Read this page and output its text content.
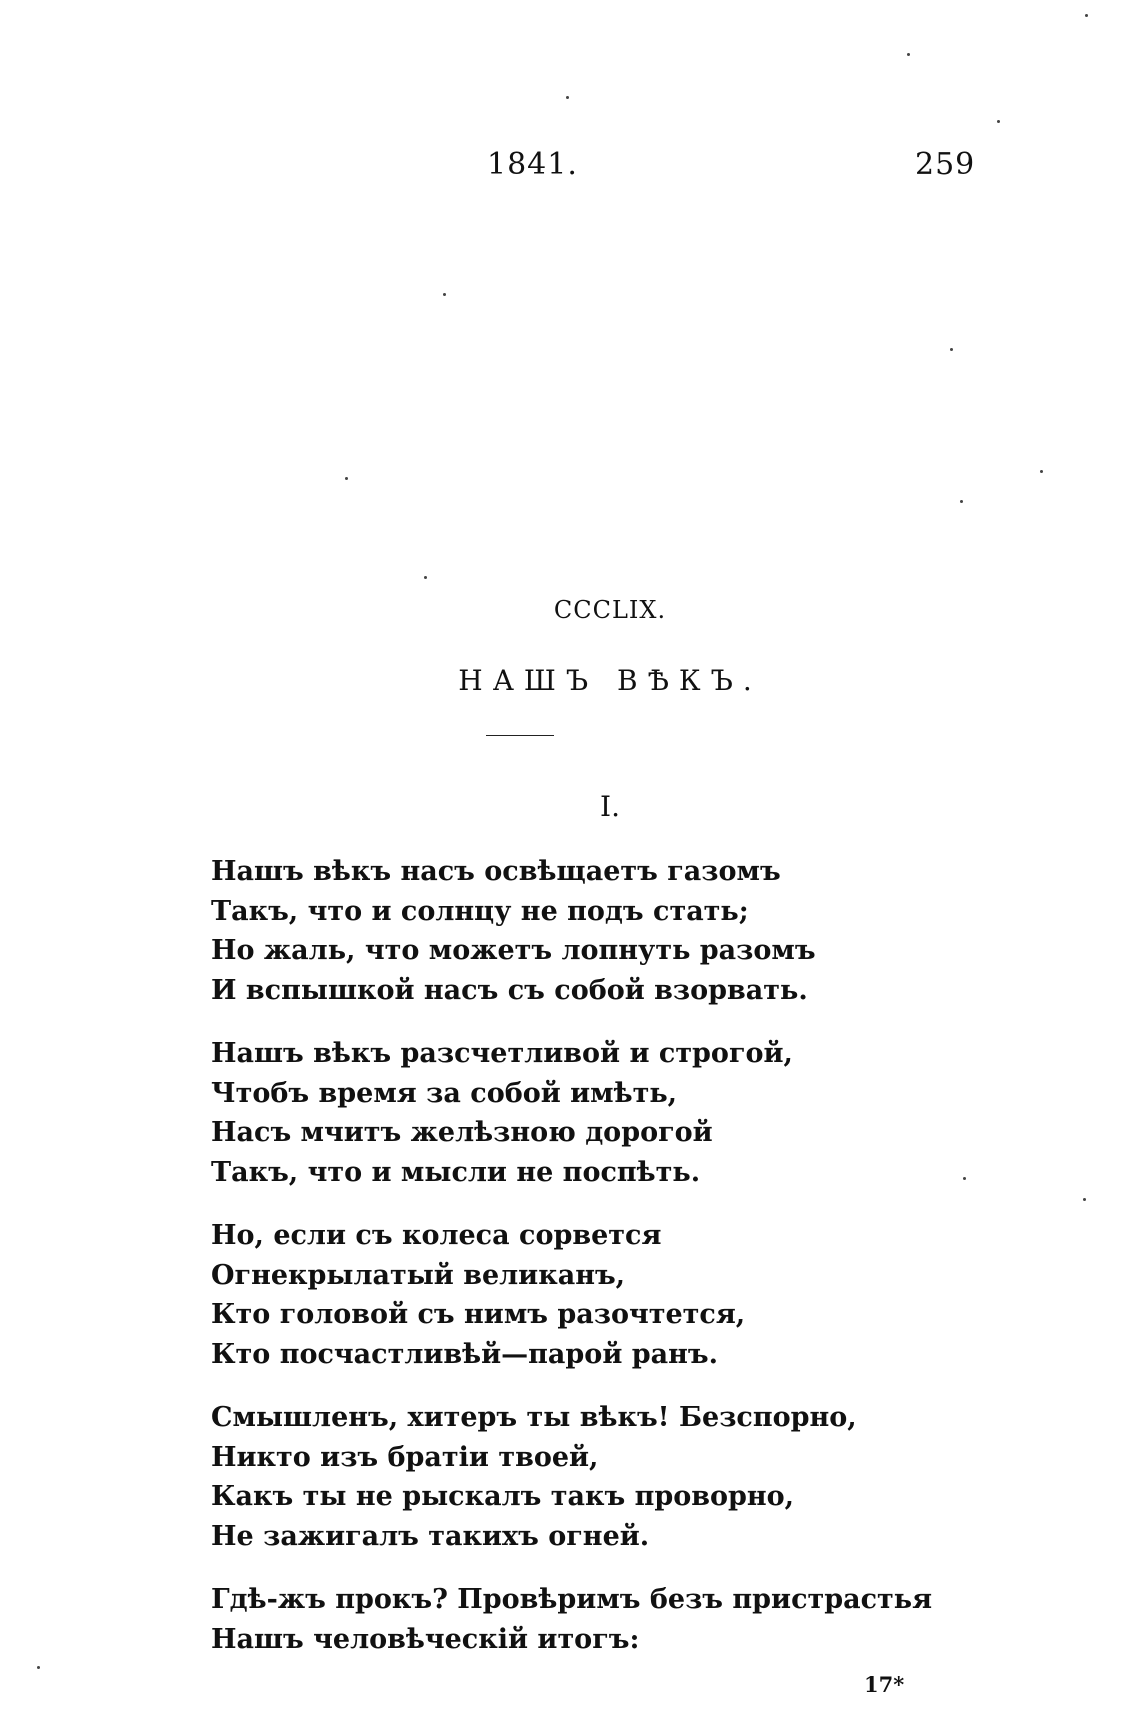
1841.	259
CCCLIX.
НАШЪ ВѢКЪ.
I.
Нашъ вѣкъ насъ освѣщаетъ газомъ
Такъ, что и солнцу не подъ стать;
Но жаль, что можетъ лопнуть разомъ
И вспышкой насъ съ собой взорвать.
Нашъ вѣкъ разсчетливой и строгой,
Чтобъ время за собой имѣть,
Насъ мчитъ желѣзною дорогой
Такъ, что и мысли не поспѣть.
Но, если съ колеса сорвется
Огнекрылатый великанъ,
Кто головой съ нимъ разочтется,
Кто посчастливѣй—парой ранъ.
Смышленъ, хитеръ ты вѣкъ! Безспорно,
Никто изъ братіи твоей,
Какъ ты не рыскалъ такъ проворно,
Не зажигалъ такихъ огней.
Гдѣ-жъ прокъ? Провѣримъ безъ пристрастья
Нашъ человѣческій итогъ:
17*
